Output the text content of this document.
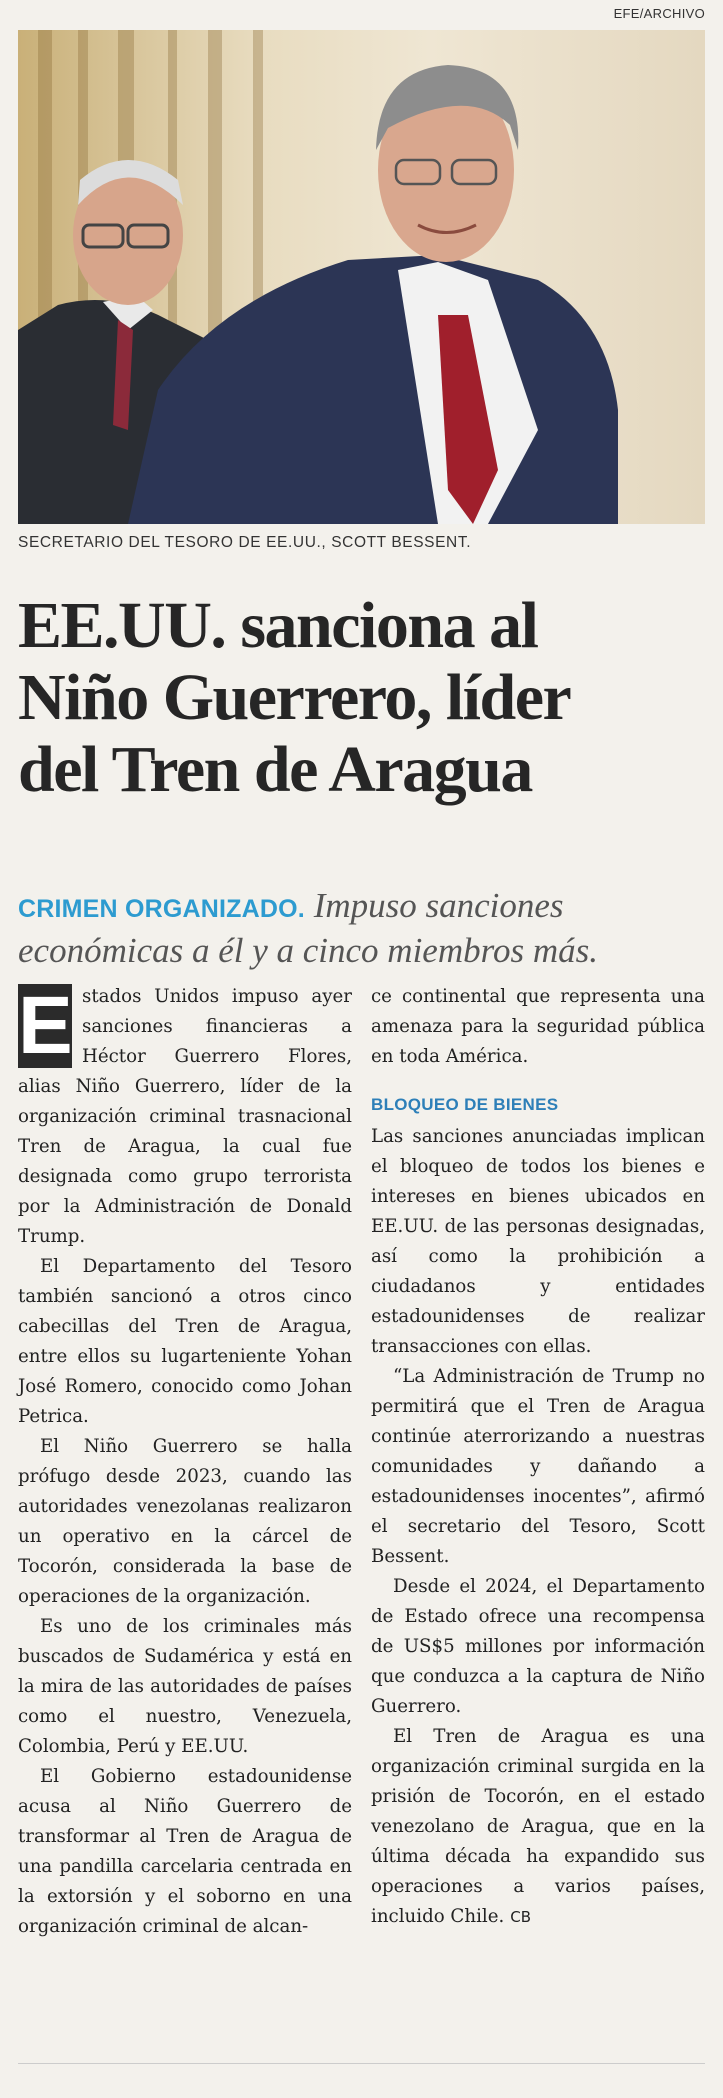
EFE/ARCHIVO
SECRETARIO DEL TESORO DE EE.UU., SCOTT BESSENT.
EE.UU. sanciona al
Niño Guerrero, líder
del Tren de Aragua
CRIMEN ORGANIZADO. Impuso sanciones económicas a él y a cinco miembros más.

E stados Unidos impuso ayer sanciones financieras a Héctor Guerrero Flores, alias Niño Guerrero, líder de la organización criminal trasnacional Tren de Aragua, la cual fue designada como grupo terrorista por la Administración de Donald Trump.

El Departamento del Tesoro también sancionó a otros cinco cabecillas del Tren de Aragua, entre ellos su lugarteniente Yohan José Romero, conocido como Johan Petrica.

El Niño Guerrero se halla prófugo desde 2023, cuando las autoridades venezolanas realizaron un operativo en la cárcel de Tocorón, considerada la base de operaciones de la organización.

Es uno de los criminales más buscados de Sudamérica y está en la mira de las autoridades de países como el nuestro, Venezuela, Colombia, Perú y EE.UU.

El Gobierno estadounidense acusa al Niño Guerrero de transformar al Tren de Aragua de una pandilla carcelaria centrada en la extorsión y el soborno en una organización criminal de alcan-

ce continental que representa una amenaza para la seguridad pública en toda América.

BLOQUEO DE BIENES

Las sanciones anunciadas implican el bloqueo de todos los bienes e intereses en bienes ubicados en EE.UU. de las personas designadas, así como la prohibición a ciudadanos y entidades estadounidenses de realizar transacciones con ellas.

“La Administración de Trump no permitirá que el Tren de Aragua continúe aterrorizando a nuestras comunidades y dañando a estadounidenses inocentes”, afirmó el secretario del Tesoro, Scott Bessent.

Desde el 2024, el Departamento de Estado ofrece una recompensa de US$5 millones por información que conduzca a la captura de Niño Guerrero.

El Tren de Aragua es una organización criminal surgida en la prisión de Tocorón, en el estado venezolano de Aragua, que en la última década ha expandido sus operaciones a varios países, incluido Chile. CB
